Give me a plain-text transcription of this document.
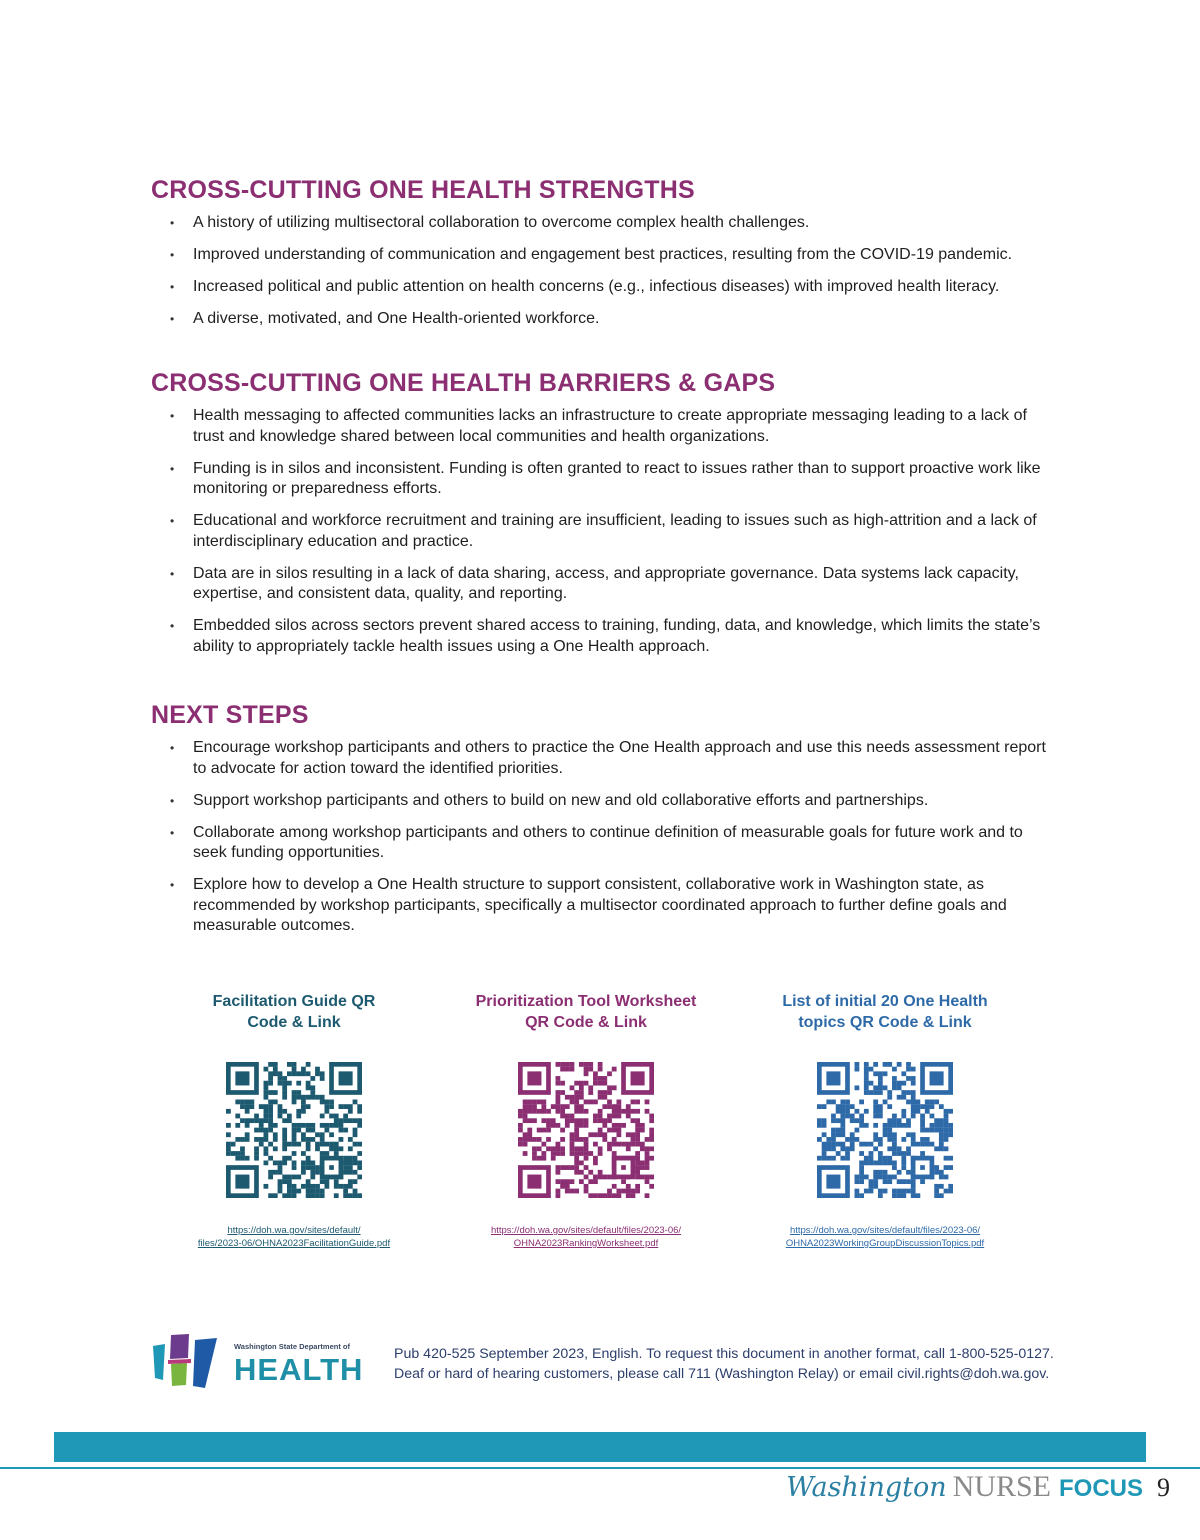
CROSS-CUTTING ONE HEALTH STRENGTHS
• A history of utilizing multisectoral collaboration to overcome complex health challenges.
• Improved understanding of communication and engagement best practices, resulting from the COVID-19 pandemic.
• Increased political and public attention on health concerns (e.g., infectious diseases) with improved health literacy.
• A diverse, motivated, and One Health-oriented workforce.
CROSS-CUTTING ONE HEALTH BARRIERS & GAPS
• Health messaging to affected communities lacks an infrastructure to create appropriate messaging leading to a lack of trust and knowledge shared between local communities and health organizations.
• Funding is in silos and inconsistent. Funding is often granted to react to issues rather than to support proactive work like monitoring or preparedness efforts.
• Educational and workforce recruitment and training are insufficient, leading to issues such as high-attrition and a lack of interdisciplinary education and practice.
• Data are in silos resulting in a lack of data sharing, access, and appropriate governance. Data systems lack capacity, expertise, and consistent data, quality, and reporting.
• Embedded silos across sectors prevent shared access to training, funding, data, and knowledge, which limits the state’s ability to appropriately tackle health issues using a One Health approach.
NEXT STEPS
• Encourage workshop participants and others to practice the One Health approach and use this needs assessment report to advocate for action toward the identified priorities.
• Support workshop participants and others to build on new and old collaborative efforts and partnerships.
• Collaborate among workshop participants and others to continue definition of measurable goals for future work and to seek funding opportunities.
• Explore how to develop a One Health structure to support consistent, collaborative work in Washington state, as recommended by workshop participants, specifically a multisector coordinated approach to further define goals and measurable outcomes.
Facilitation Guide QR
Code & Link
https://doh.wa.gov/sites/default/
files/2023-06/OHNA2023FacilitationGuide.pdf
Prioritization Tool Worksheet
QR Code & Link
https://doh.wa.gov/sites/default/files/2023-06/
OHNA2023RankingWorksheet.pdf
List of initial 20 One Health
topics QR Code & Link
https://doh.wa.gov/sites/default/files/2023-06/
OHNA2023WorkingGroupDiscussionTopics.pdf
Washington State Department of
HEALTH Pub 420-525 September 2023, English. To request this document in another format, call 1-800-525-0127.
Deaf or hard of hearing customers, please call 711 (Washington Relay) or email civil.rights@doh.wa.gov.
Washington NURSE FOCUS 9
